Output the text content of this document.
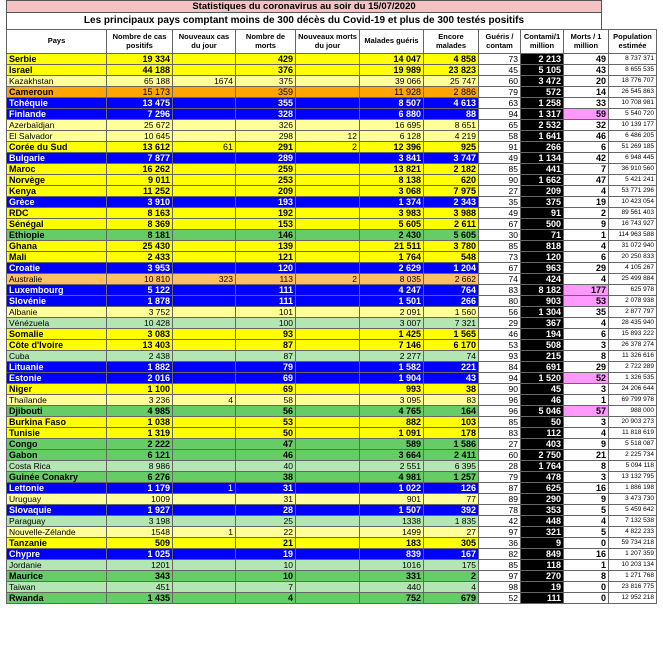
Statistiques du coronavirus au soir du 15/07/2020
Les principaux pays comptant moins de 300 décès du Covid-19 et plus de 300 testés positifs
Pays	Nombre de cas positifs	Nouveaux cas du jour	Nombre de morts	Nouveaux morts du jour	Malades guéris	Encore malades	Guéris / contam	Contami/1 million	Morts / 1 million	Population estimée
Serbie	19 334		429		14 047	4 858	73	2 213	49	8 737 371
Israel	44 188		376		19 989	23 823	45	5 105	43	8 655 535
Kazakhstan	65 188	1674	375		39 066	25 747	60	3 472	20	18 776 707
Cameroun	15 173		359		11 928	2 886	79	572	14	26 545 863
Tchéquie	13 475		355		8 507	4 613	63	1 258	33	10 708 981
Finlande	7 296		328		6 880	88	94	1 317	59	5 540 720
Azerbaïdjan	25 672		326		16 695	8 651	65	2 532	32	10 139 177
El Salvador	10 645		298	12	6 128	4 219	58	1 641	46	6 486 205
Corée du Sud	13 612	61	291	2	12 396	925	91	266	6	51 269 185
Bulgarie	7 877		289		3 841	3 747	49	1 134	42	6 948 445
Maroc	16 262		259		13 821	2 182	85	441	7	36 910 560
Norvège	9 011		253		8 138	620	90	1 662	47	5 421 241
Kenya	11 252		209		3 068	7 975	27	209	4	53 771 296
Grèce	3 910		193		1 374	2 343	35	375	19	10 423 054
RDC	8 163		192		3 983	3 988	49	91	2	89 561 403
Sénégal	8 369		153		5 605	2 611	67	500	9	16 743 927
Ethiopie	8 181		146		2 430	5 605	30	71	1	114 963 588
Ghana	25 430		139		21 511	3 780	85	818	4	31 072 940
Mali	2 433		121		1 764	548	73	120	6	20 250 833
Croatie	3 953		120		2 629	1 204	67	963	29	4 105 267
Australie	10 810	323	113	2	8 035	2 662	74	424	4	25 499 884
Luxembourg	5 122		111		4 247	764	83	8 182	177	625 978
Slovénie	1 878		111		1 501	266	80	903	53	2 078 938
Albanie	3 752		101		2 091	1 560	56	1 304	35	2 877 797
Vénézuela	10 428		100		3 007	7 321	29	367	4	28 435 940
Somalie	3 083		93		1 425	1 565	46	194	6	15 893 222
Côte d'Ivoire	13 403		87		7 146	6 170	53	508	3	26 378 274
Cuba	2 438		87		2 277	74	93	215	8	11 326 616
Lituanie	1 882		79		1 582	221	84	691	29	2 722 289
Estonie	2 016		69		1 904	43	94	1 520	52	1 326 535
Niger	1 100		69		993	38	90	45	3	24 206 644
Thaïlande	3 236	4	58		3 095	83	96	46	1	69 799 978
Djibouti	4 985		56		4 765	164	96	5 046	57	988 000
Burkina Faso	1 038		53		882	103	85	50	3	20 903 273
Tunisie	1 319		50		1 091	178	83	112	4	11 818 619
Congo	2 222		47		589	1 586	27	403	9	5 518 087
Gabon	6 121		46		3 664	2 411	60	2 750	21	2 225 734
Costa Rica	8 986		40		2 551	6 395	28	1 764	8	5 094 118
Guinée Conakry	6 276		38		4 981	1 257	79	478	3	13 132 795
Lettonie	1 179	1	31		1 022	126	87	625	16	1 886 198
Uruguay	1009		31		901	77	89	290	9	3 473 730
Slovaquie	1 927		28		1 507	392	78	353	5	5 459 642
Paraguay	3 198		25		1338	1 835	42	448	4	7 132 538
Nouvelle-Zélande	1548	1	22		1499	27	97	321	5	4 822 233
Tanzanie	509		21		183	305	36	9	0	59 734 218
Chypre	1 025		19		839	167	82	849	16	1 207 359
Jordanie	1201		10		1016	175	85	118	1	10 203 134
Maurice	343		10		331	2	97	270	8	1 271 768
Taiwan	451		7		440	4	98	19	0	23 816 775
Rwanda	1 435		4		752	679	52	111	0	12 952 218
